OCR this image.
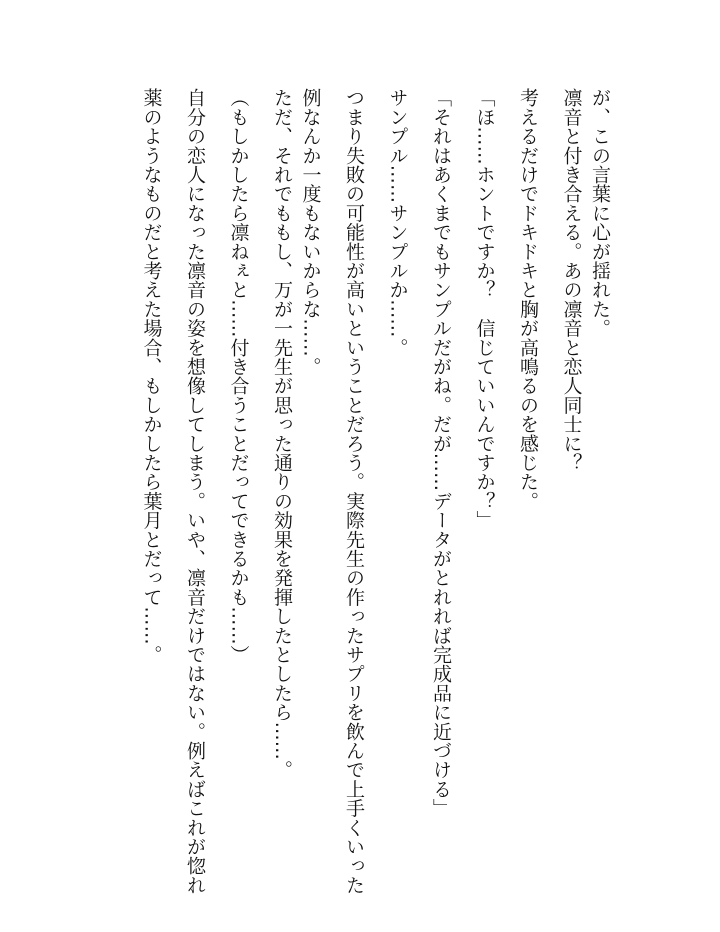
が、この言葉に心が揺れた。
凛音と付き合える。あの凛音と恋人同士に？
考えるだけでドキドキと胸が高鳴るのを感じた。
「ほ……ホントですか？　信じていいんですか？」
「それはあくまでもサンプルだがね。だが……データがとれれば完成品に近づける」
サンプル……サンプルか……。
つまり失敗の可能性が高いということだろう。実際先生の作ったサプリを飲んで上手くいった
例なんか一度もないからな……。
ただ、それでももし、万が一先生が思った通りの効果を発揮したとしたら……。
（もしかしたら凛ねぇと……付き合うことだってできるかも……）
自分の恋人になった凛音の姿を想像してしまう。いや、凛音だけではない。例えばこれが惚れ
薬のようなものだと考えた場合、もしかしたら葉月とだって……。
